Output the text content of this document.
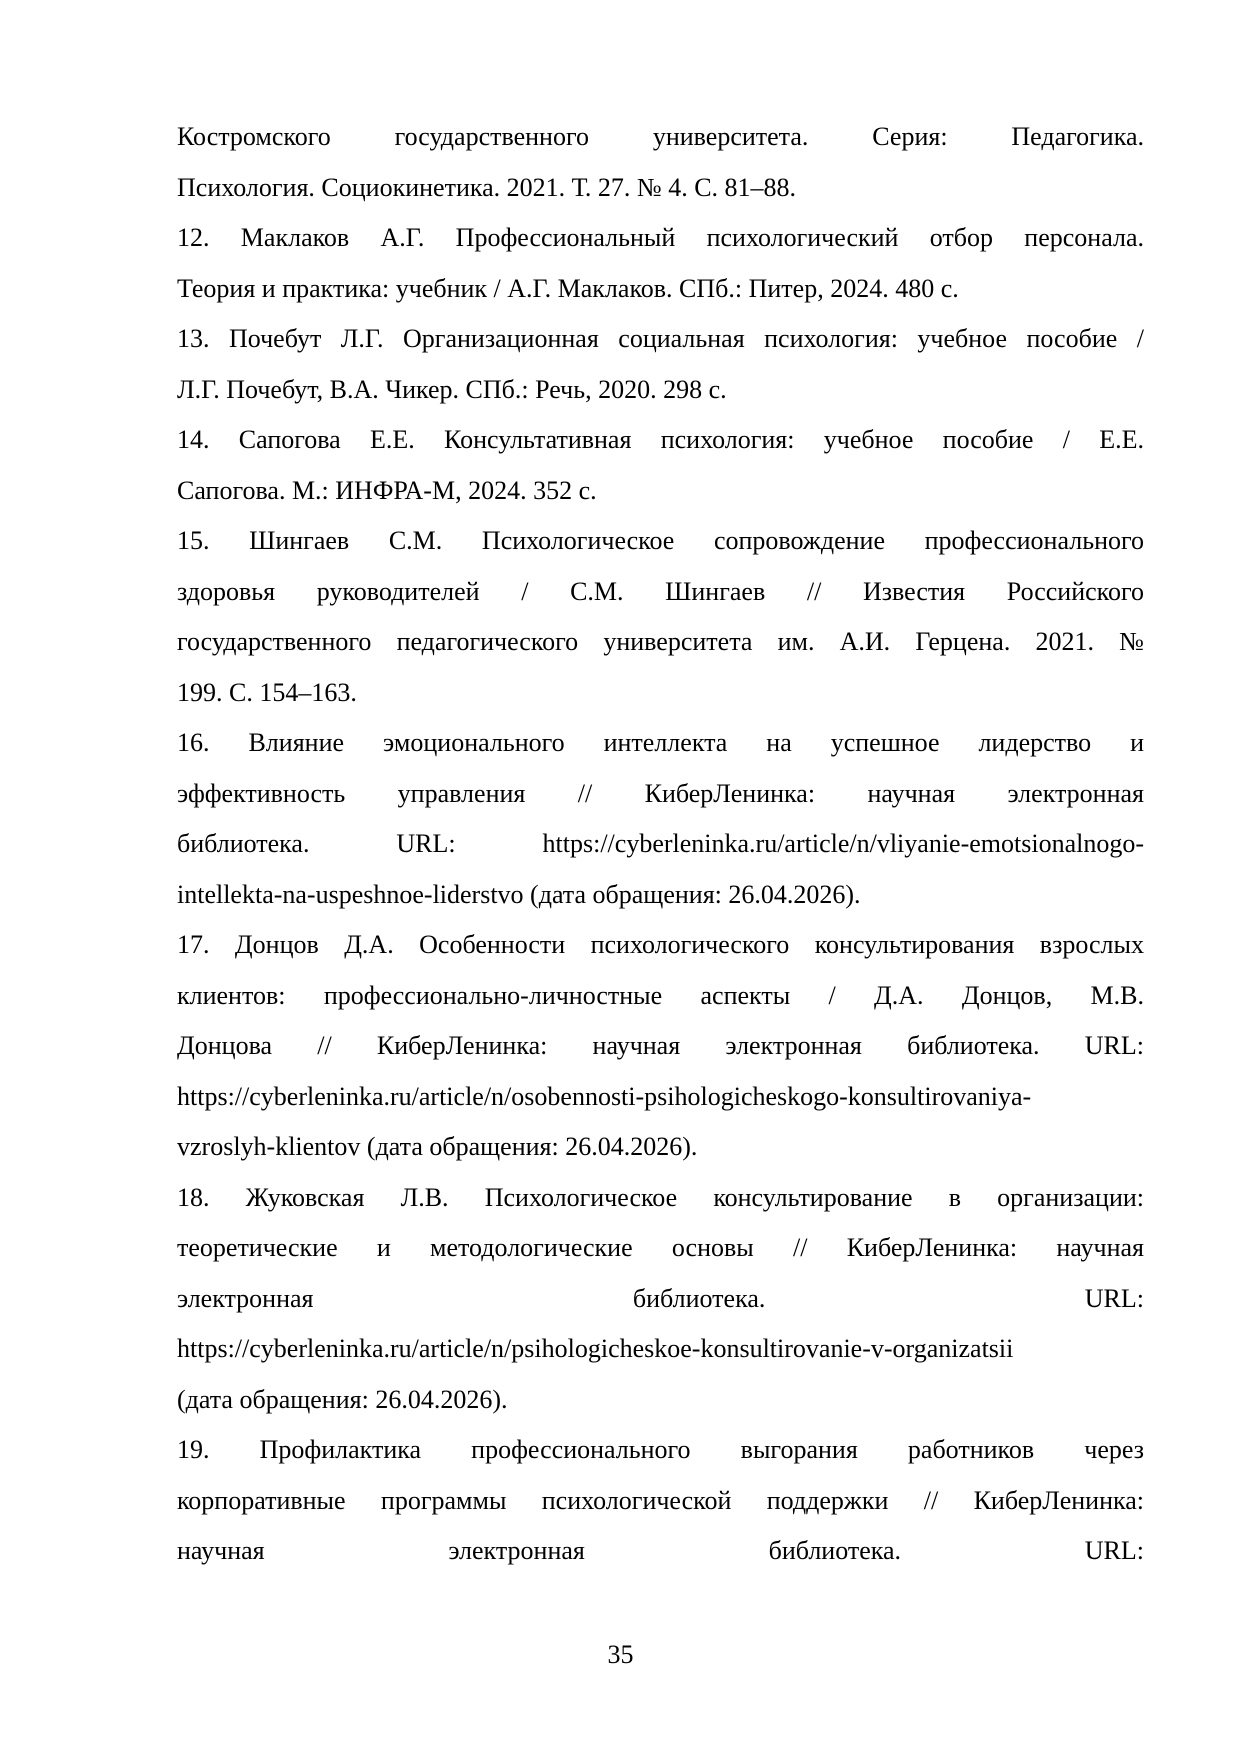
Костромского государственного университета. Серия: Педагогика.
Психология. Социокинетика. 2021. Т. 27. № 4. С. 81–88.

12. Маклаков А.Г. Профессиональный психологический отбор персонала.
Теория и практика: учебник / А.Г. Маклаков. СПб.: Питер, 2024. 480 с.

13. Почебут Л.Г. Организационная социальная психология: учебное пособие /
Л.Г. Почебут, В.А. Чикер. СПб.: Речь, 2020. 298 с.

14. Сапогова Е.Е. Консультативная психология: учебное пособие / Е.Е.
Сапогова. М.: ИНФРА-М, 2024. 352 с.

15. Шингаев С.М. Психологическое сопровождение профессионального
здоровья руководителей / С.М. Шингаев // Известия Российского
государственного педагогического университета им. А.И. Герцена. 2021. №
199. С. 154–163.

16. Влияние эмоционального интеллекта на успешное лидерство и
эффективность управления // КиберЛенинка: научная электронная
библиотека. URL: https://cyberleninka.ru/article/n/vliyanie-emotsionalnogo-
intellekta-na-uspeshnoe-liderstvo (дата обращения: 26.04.2026).

17. Донцов Д.А. Особенности психологического консультирования взрослых
клиентов: профессионально-личностные аспекты / Д.А. Донцов, М.В.
Донцова // КиберЛенинка: научная электронная библиотека. URL:
https://cyberleninka.ru/article/n/osobennosti-psihologicheskogo-konsultirovaniya-
vzroslyh-klientov (дата обращения: 26.04.2026).

18. Жуковская Л.В. Психологическое консультирование в организации:
теоретические и методологические основы // КиберЛенинка: научная
электронная библиотека. URL:
https://cyberleninka.ru/article/n/psihologicheskoe-konsultirovanie-v-organizatsii
(дата обращения: 26.04.2026).

19. Профилактика профессионального выгорания работников через
корпоративные программы психологической поддержки // КиберЛенинка:
научная электронная библиотека. URL:

35
